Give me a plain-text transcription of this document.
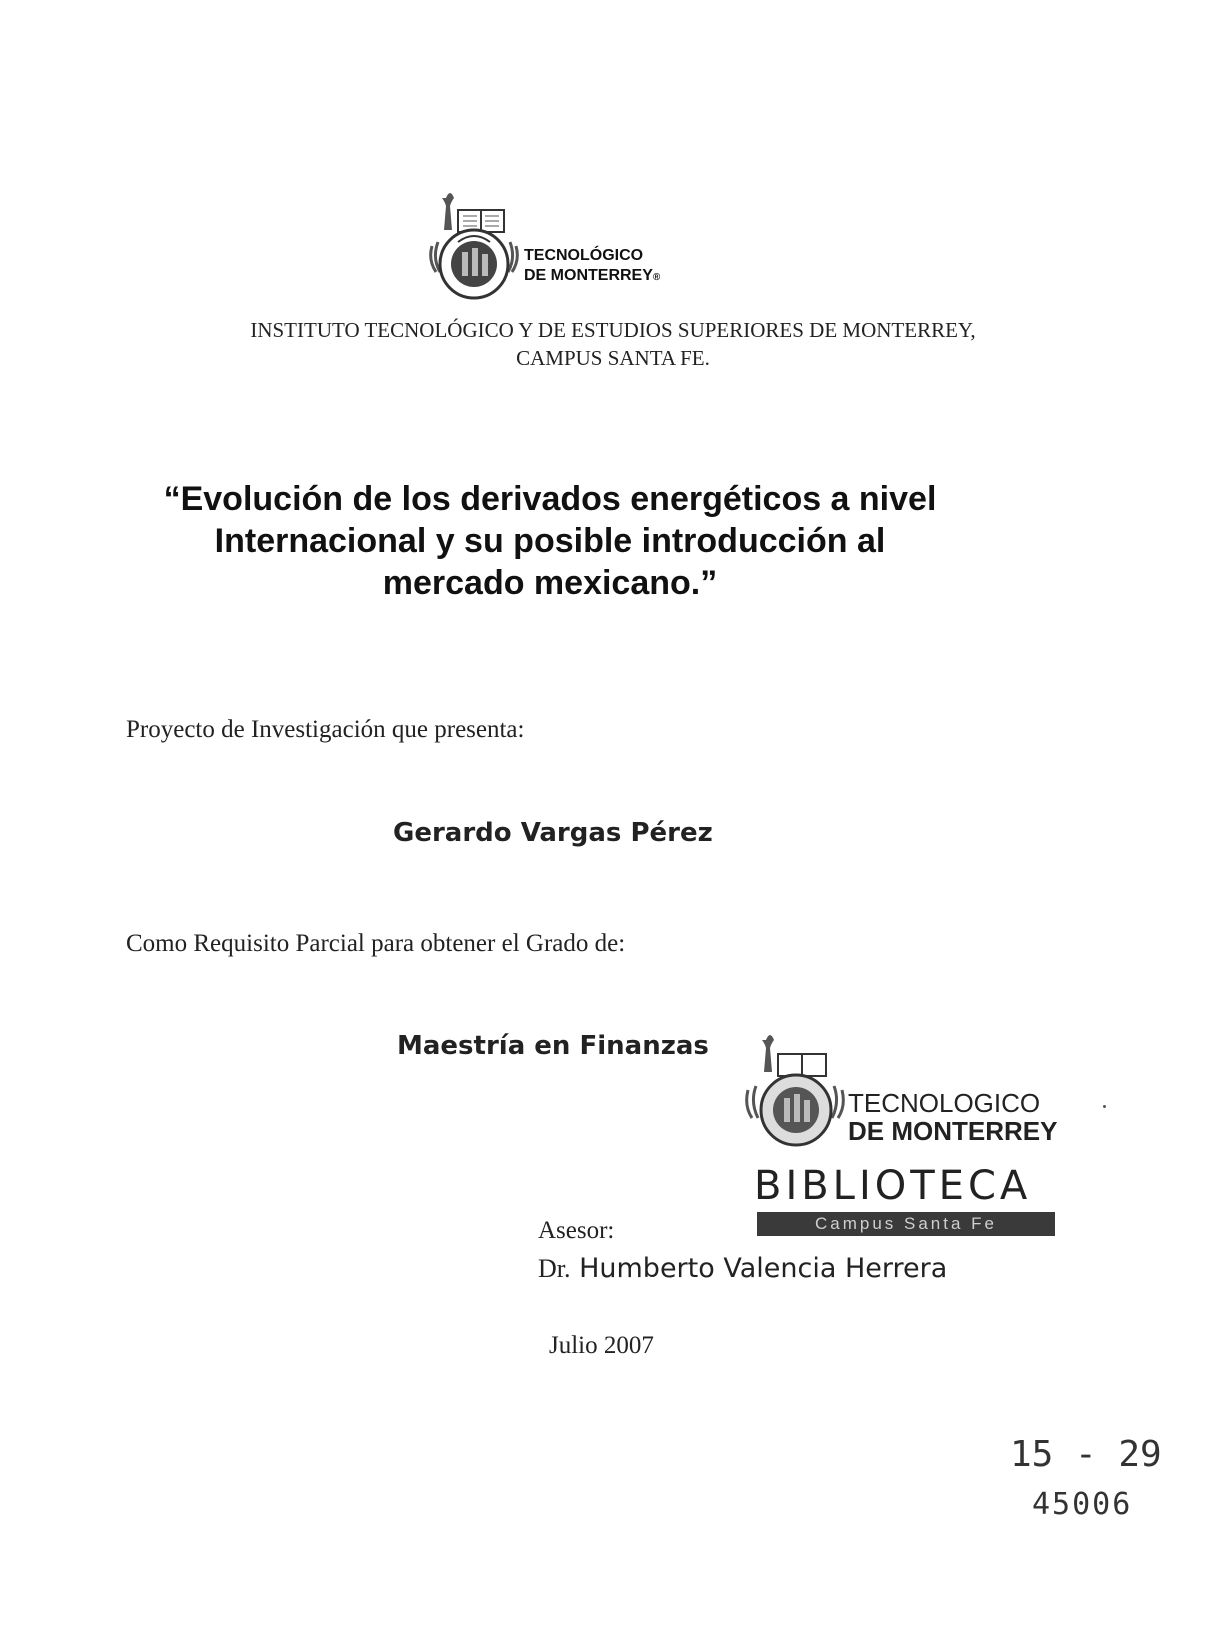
TECNOLÓGICO
DE MONTERREY®
INSTITUTO TECNOLÓGICO Y DE ESTUDIOS SUPERIORES DE MONTERREY,
CAMPUS SANTA FE.
“Evolución de los derivados energéticos a nivel
Internacional y su posible introducción al
mercado mexicano.”
Proyecto de Investigación que presenta:
Gerardo Vargas Pérez
Como Requisito Parcial para obtener el Grado de:
Maestría en Finanzas
TECNOLOGICO
DE MONTERREY
BIBLIOTECA
Campus Santa Fe
Asesor:
Dr. Humberto Valencia Herrera
Julio 2007
15 - 29
45006
